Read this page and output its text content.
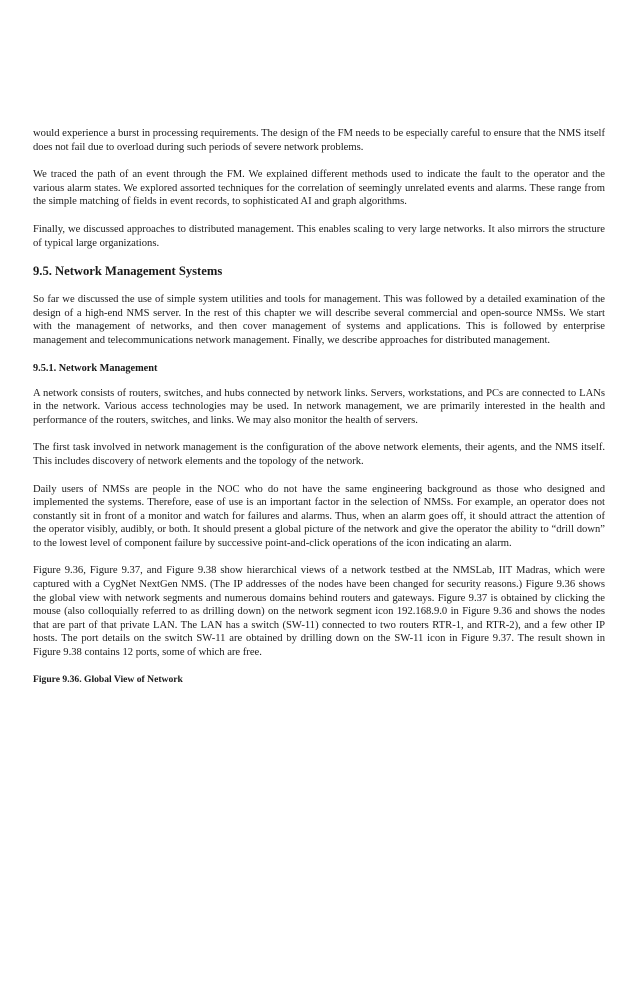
would experience a burst in processing requirements. The design of the FM needs to be especially careful to ensure that the NMS itself does not fail due to overload during such periods of severe network problems.

We traced the path of an event through the FM. We explained different methods used to indicate the fault to the operator and the various alarm states. We explored assorted techniques for the correlation of seemingly unrelated events and alarms. These range from the simple matching of fields in event records, to sophisticated AI and graph algorithms.

Finally, we discussed approaches to distributed management. This enables scaling to very large networks. It also mirrors the structure of typical large organizations.

9.5. Network Management Systems

So far we discussed the use of simple system utilities and tools for management. This was followed by a detailed examination of the design of a high-end NMS server. In the rest of this chapter we will describe several commercial and open-source NMSs. We start with the management of networks, and then cover management of systems and applications. This is followed by enterprise management and telecommunications network management. Finally, we describe approaches for distributed management.

9.5.1. Network Management

A network consists of routers, switches, and hubs connected by network links. Servers, workstations, and PCs are connected to LANs in the network. Various access technologies may be used. In network management, we are primarily interested in the health and performance of the routers, switches, and links. We may also monitor the health of servers.

The first task involved in network management is the configuration of the above network elements, their agents, and the NMS itself. This includes discovery of network elements and the topology of the network.

Daily users of NMSs are people in the NOC who do not have the same engineering background as those who designed and implemented the systems. Therefore, ease of use is an important factor in the selection of NMSs. For example, an operator does not constantly sit in front of a monitor and watch for failures and alarms. Thus, when an alarm goes off, it should attract the attention of the operator visibly, audibly, or both. It should present a global picture of the network and give the operator the ability to “drill down” to the lowest level of component failure by successive point-and-click operations of the icon indicating an alarm.

Figure 9.36, Figure 9.37, and Figure 9.38 show hierarchical views of a network testbed at the NMSLab, IIT Madras, which were captured with a CygNet NextGen NMS. (The IP addresses of the nodes have been changed for security reasons.) Figure 9.36 shows the global view with network segments and numerous domains behind routers and gateways. Figure 9.37 is obtained by clicking the mouse (also colloquially referred to as drilling down) on the network segment icon 192.168.9.0 in Figure 9.36 and shows the nodes that are part of that private LAN. The LAN has a switch (SW-11) connected to two routers RTR-1, and RTR-2), and a few other IP hosts. The port details on the switch SW-11 are obtained by drilling down on the SW-11 icon in Figure 9.37. The result shown in Figure 9.38 contains 12 ports, some of which are free.

Figure 9.36. Global View of Network
